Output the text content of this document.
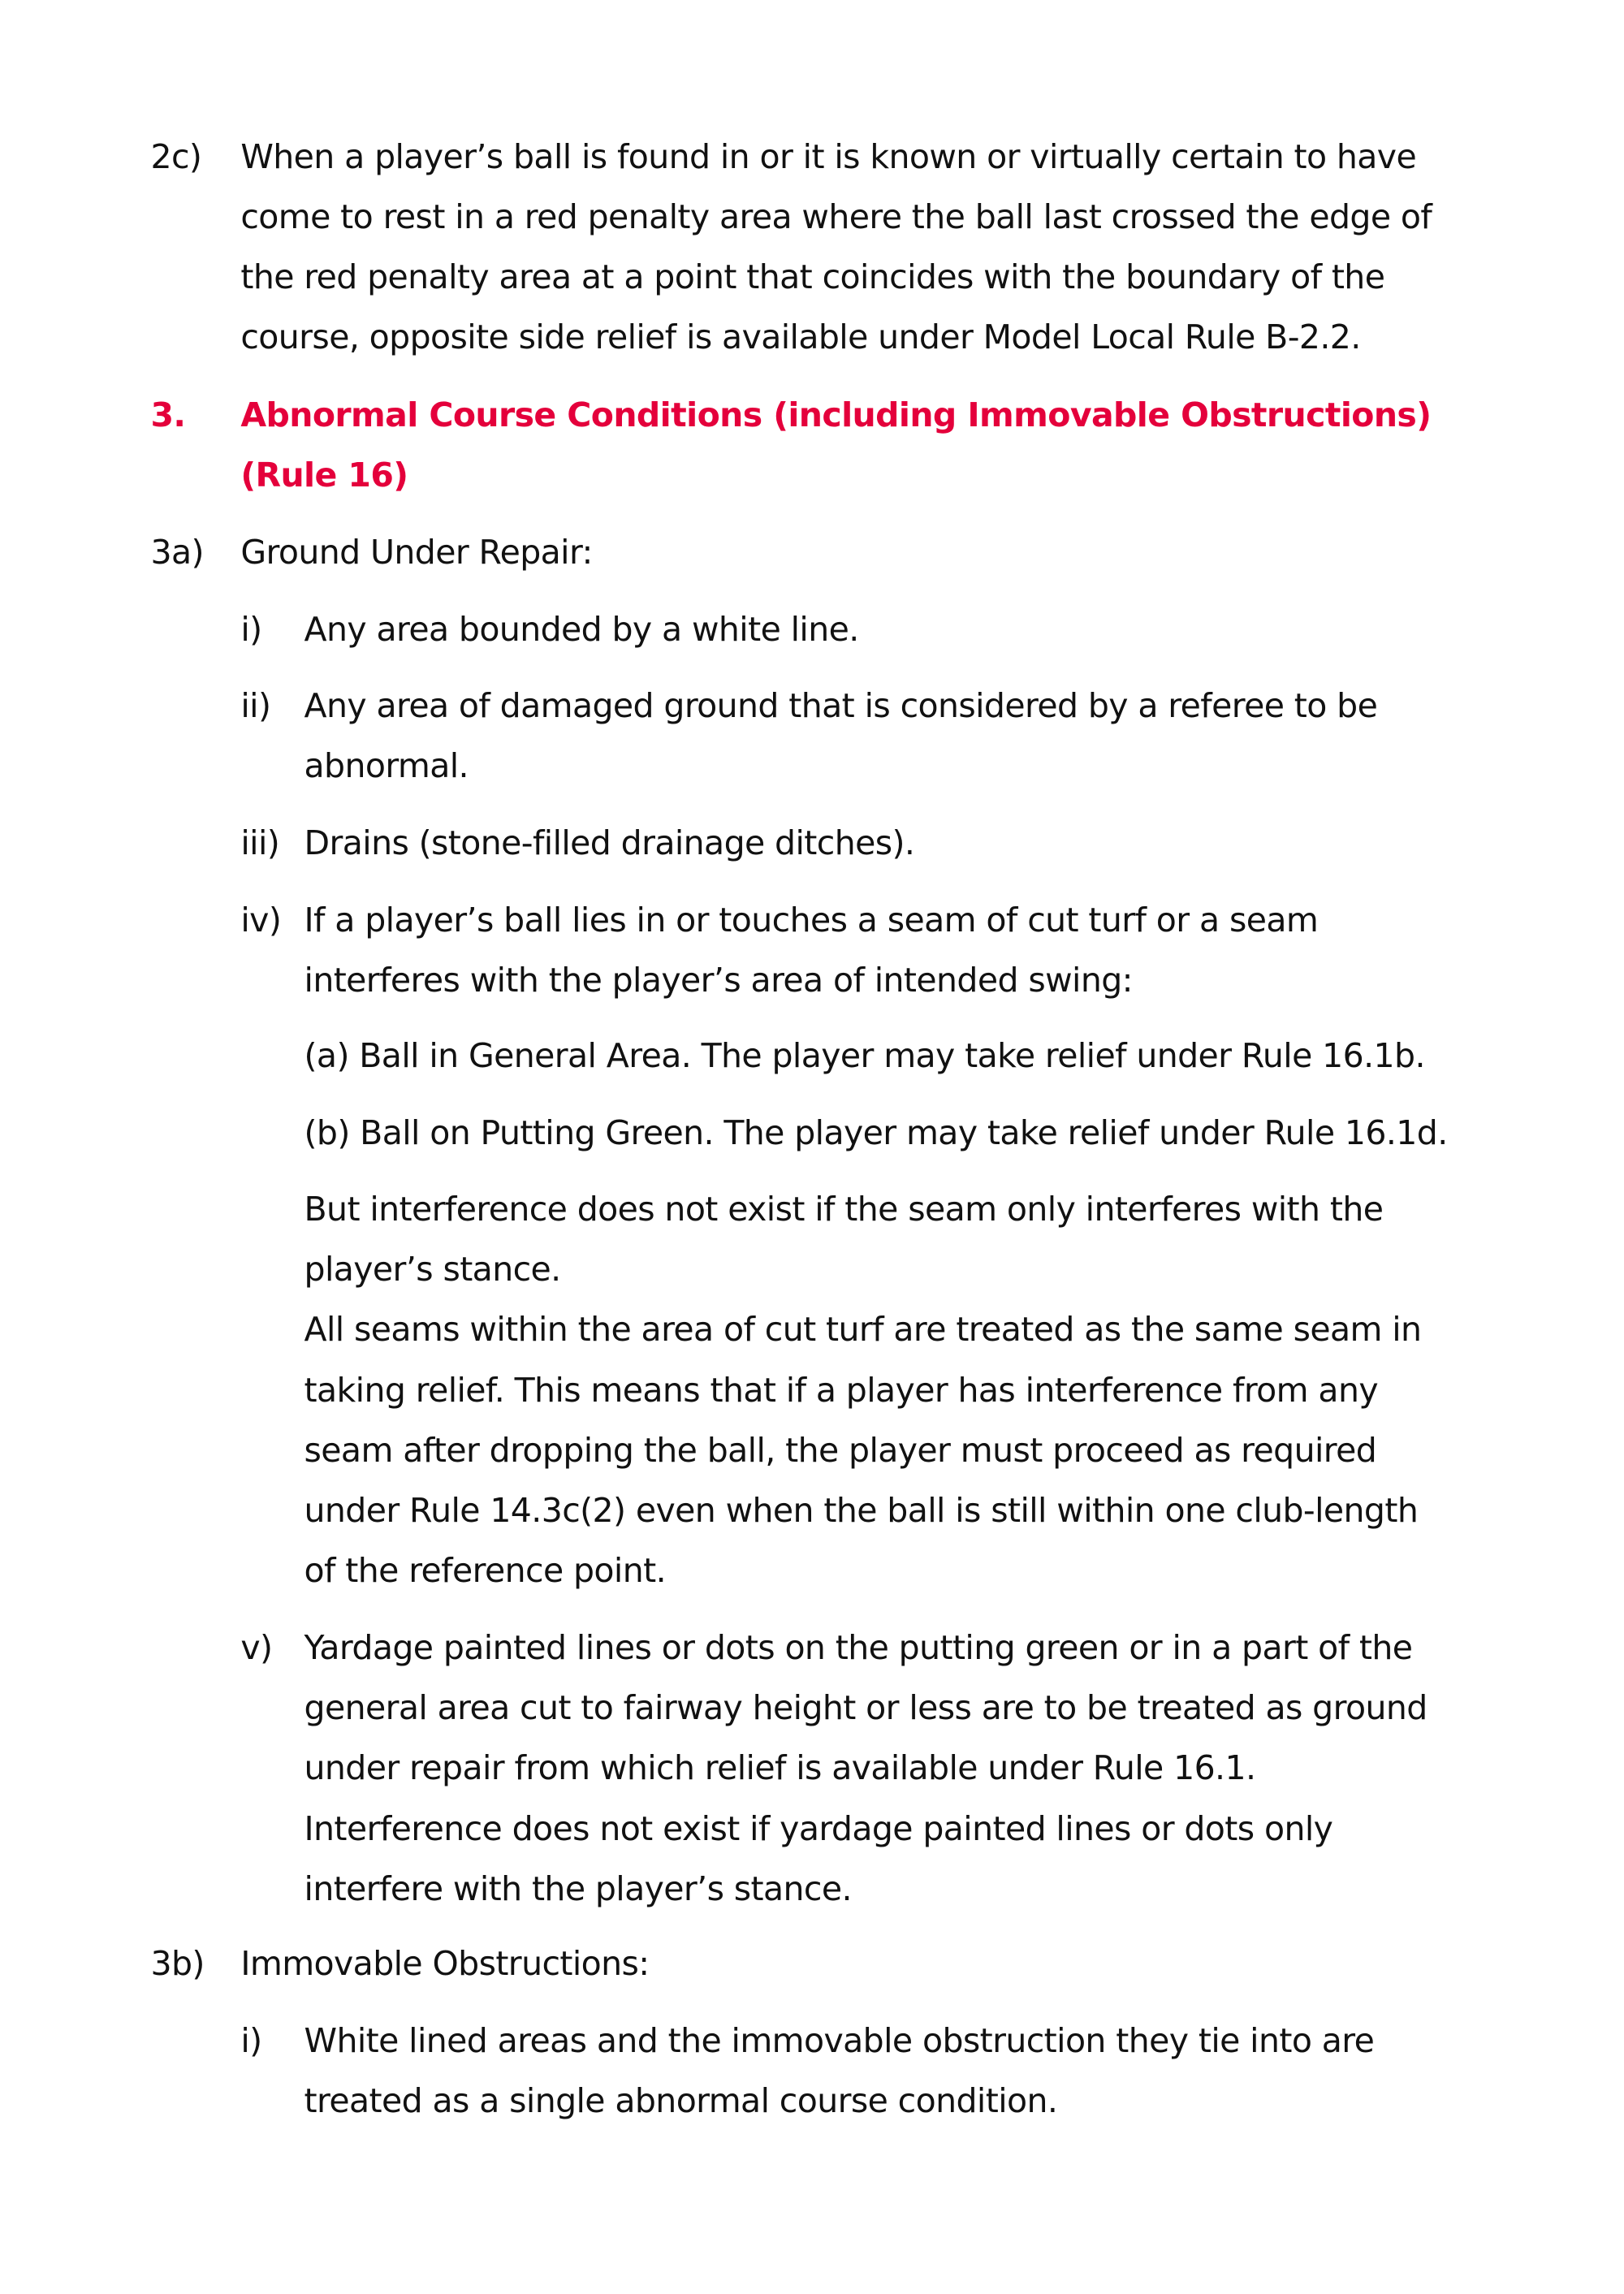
2c) When a player’s ball is found in or it is known or virtually certain to have
come to rest in a red penalty area where the ball last crossed the edge of
the red penalty area at a point that coincides with the boundary of the
course, opposite side relief is available under Model Local Rule B-2.2.
3. Abnormal Course Conditions (including Immovable Obstructions)
(Rule 16)
3a) Ground Under Repair:
i) Any area bounded by a white line.
ii) Any area of damaged ground that is considered by a referee to be
abnormal.
iii) Drains (stone-filled drainage ditches).
iv) If a player’s ball lies in or touches a seam of cut turf or a seam
interferes with the player’s area of intended swing:
(a) Ball in General Area. The player may take relief under Rule 16.1b.
(b) Ball on Putting Green. The player may take relief under Rule 16.1d.
But interference does not exist if the seam only interferes with the
player’s stance.
All seams within the area of cut turf are treated as the same seam in
taking relief. This means that if a player has interference from any
seam after dropping the ball, the player must proceed as required
under Rule 14.3c(2) even when the ball is still within one club-length
of the reference point.
v) Yardage painted lines or dots on the putting green or in a part of the
general area cut to fairway height or less are to be treated as ground
under repair from which relief is available under Rule 16.1.
Interference does not exist if yardage painted lines or dots only
interfere with the player’s stance.
3b) Immovable Obstructions:
i) White lined areas and the immovable obstruction they tie into are
treated as a single abnormal course condition.
